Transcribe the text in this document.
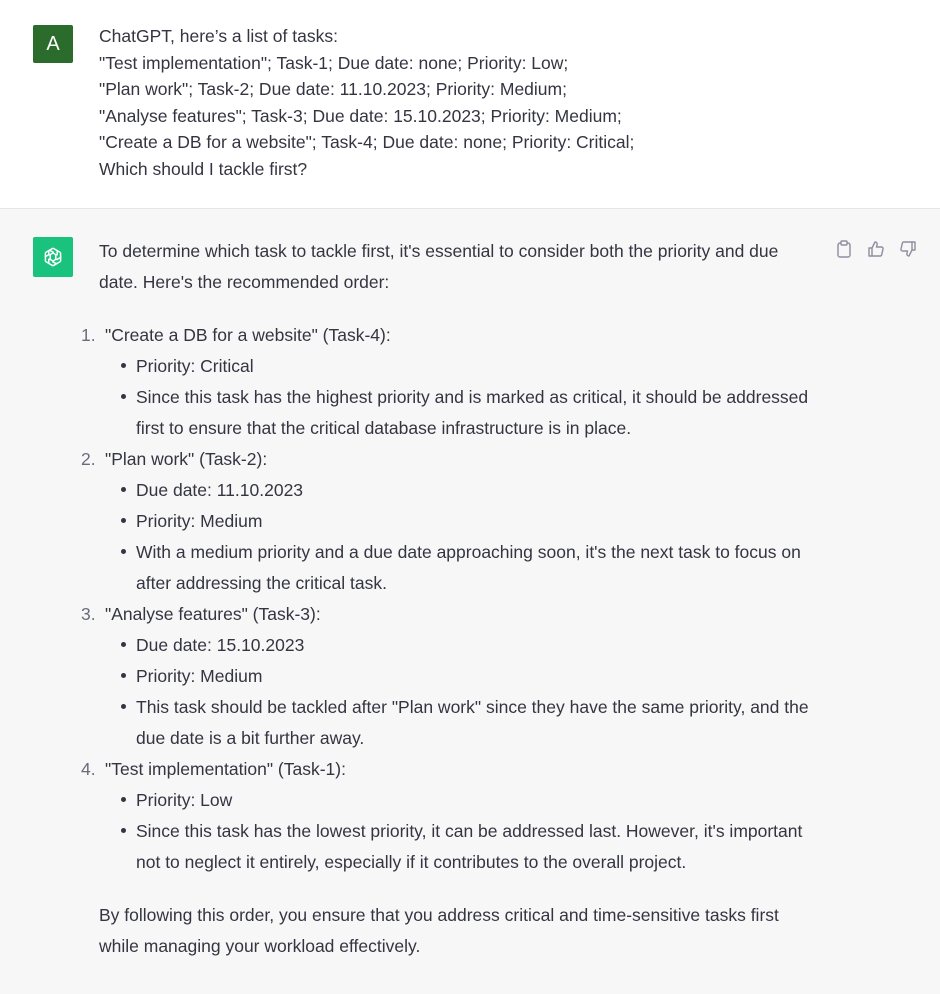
A	ChatGPT, here’s a list of tasks:
"Test implementation"; Task-1; Due date: none; Priority: Low;
"Plan work"; Task-2; Due date: 11.10.2023; Priority: Medium;
"Analyse features"; Task-3; Due date: 15.10.2023; Priority: Medium;
"Create a DB for a website"; Task-4; Due date: none; Priority: Critical;
Which should I tackle first?

To determine which task to tackle first, it's essential to consider both the priority and due date. Here's the recommended order:

1. "Create a DB for a website" (Task-4):
Priority: Critical
Since this task has the highest priority and is marked as critical, it should be addressed first to ensure that the critical database infrastructure is in place.
2. "Plan work" (Task-2):
Due date: 11.10.2023
Priority: Medium
With a medium priority and a due date approaching soon, it's the next task to focus on after addressing the critical task.
3. "Analyse features" (Task-3):
Due date: 15.10.2023
Priority: Medium
This task should be tackled after "Plan work" since they have the same priority, and the due date is a bit further away.
4. "Test implementation" (Task-1):
Priority: Low
Since this task has the lowest priority, it can be addressed last. However, it's important not to neglect it entirely, especially if it contributes to the overall project.

By following this order, you ensure that you address critical and time-sensitive tasks first while managing your workload effectively.
